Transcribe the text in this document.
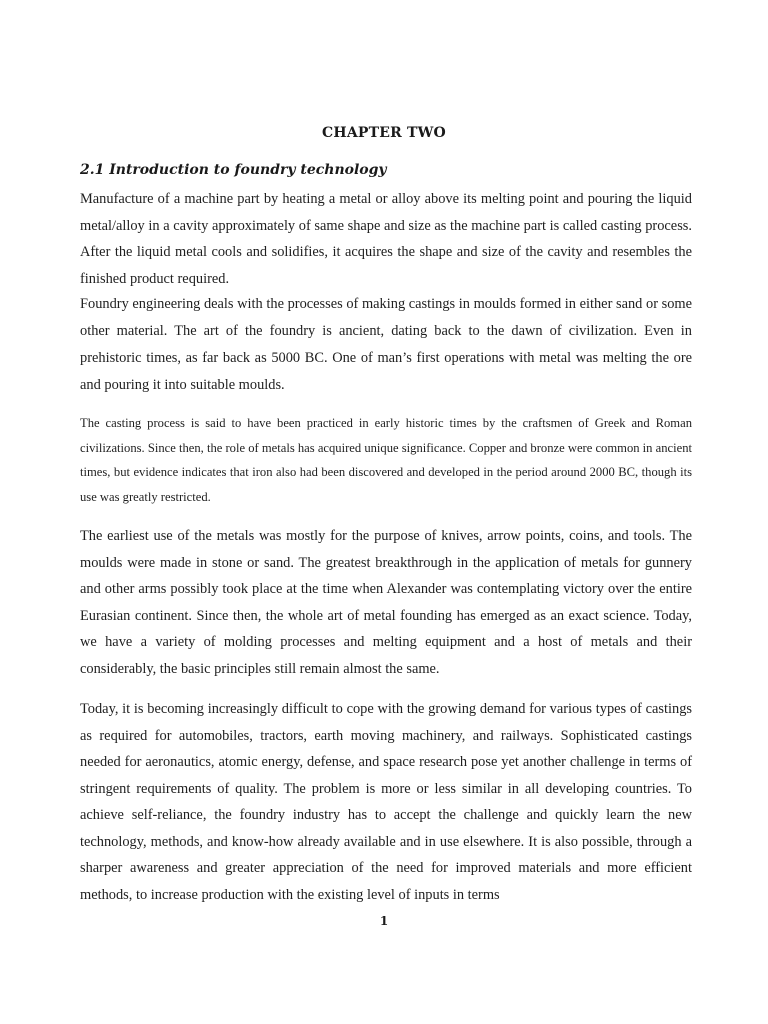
CHAPTER TWO
2.1 Introduction to foundry technology

Manufacture of a machine part by heating a metal or alloy above its melting point and pouring the liquid metal/alloy in a cavity approximately of same shape and size as the machine part is called casting process. After the liquid metal cools and solidifies, it acquires the shape and size of the cavity and resembles the finished product required.

Foundry engineering deals with the processes of making castings in moulds formed in either sand or some other material. The art of the foundry is ancient, dating back to the dawn of civilization. Even in prehistoric times, as far back as 5000 BC. One of man’s first operations with metal was melting the ore and pouring it into suitable moulds.

The casting process is said to have been practiced in early historic times by the craftsmen of Greek and Roman civilizations. Since then, the role of metals has acquired unique significance. Copper and bronze were common in ancient times, but evidence indicates that iron also had been discovered and developed in the period around 2000 BC, though its use was greatly restricted.

The earliest use of the metals was mostly for the purpose of knives, arrow points, coins, and tools. The moulds were made in stone or sand. The greatest breakthrough in the application of metals for gunnery and other arms possibly took place at the time when Alexander was contemplating victory over the entire Eurasian continent. Since then, the whole art of metal founding has emerged as an exact science. Today, we have a variety of molding processes and melting equipment and a host of metals and their considerably, the basic principles still remain almost the same.

Today, it is becoming increasingly difficult to cope with the growing demand for various types of castings as required for automobiles, tractors, earth moving machinery, and railways. Sophisticated castings needed for aeronautics, atomic energy, defense, and space research pose yet another challenge in terms of stringent requirements of quality. The problem is more or less similar in all developing countries. To achieve self-reliance, the foundry industry has to accept the challenge and quickly learn the new technology, methods, and know-how already available and in use elsewhere. It is also possible, through a sharper awareness and greater appreciation of the need for improved materials and more efficient methods, to increase production with the existing level of inputs in terms

1
